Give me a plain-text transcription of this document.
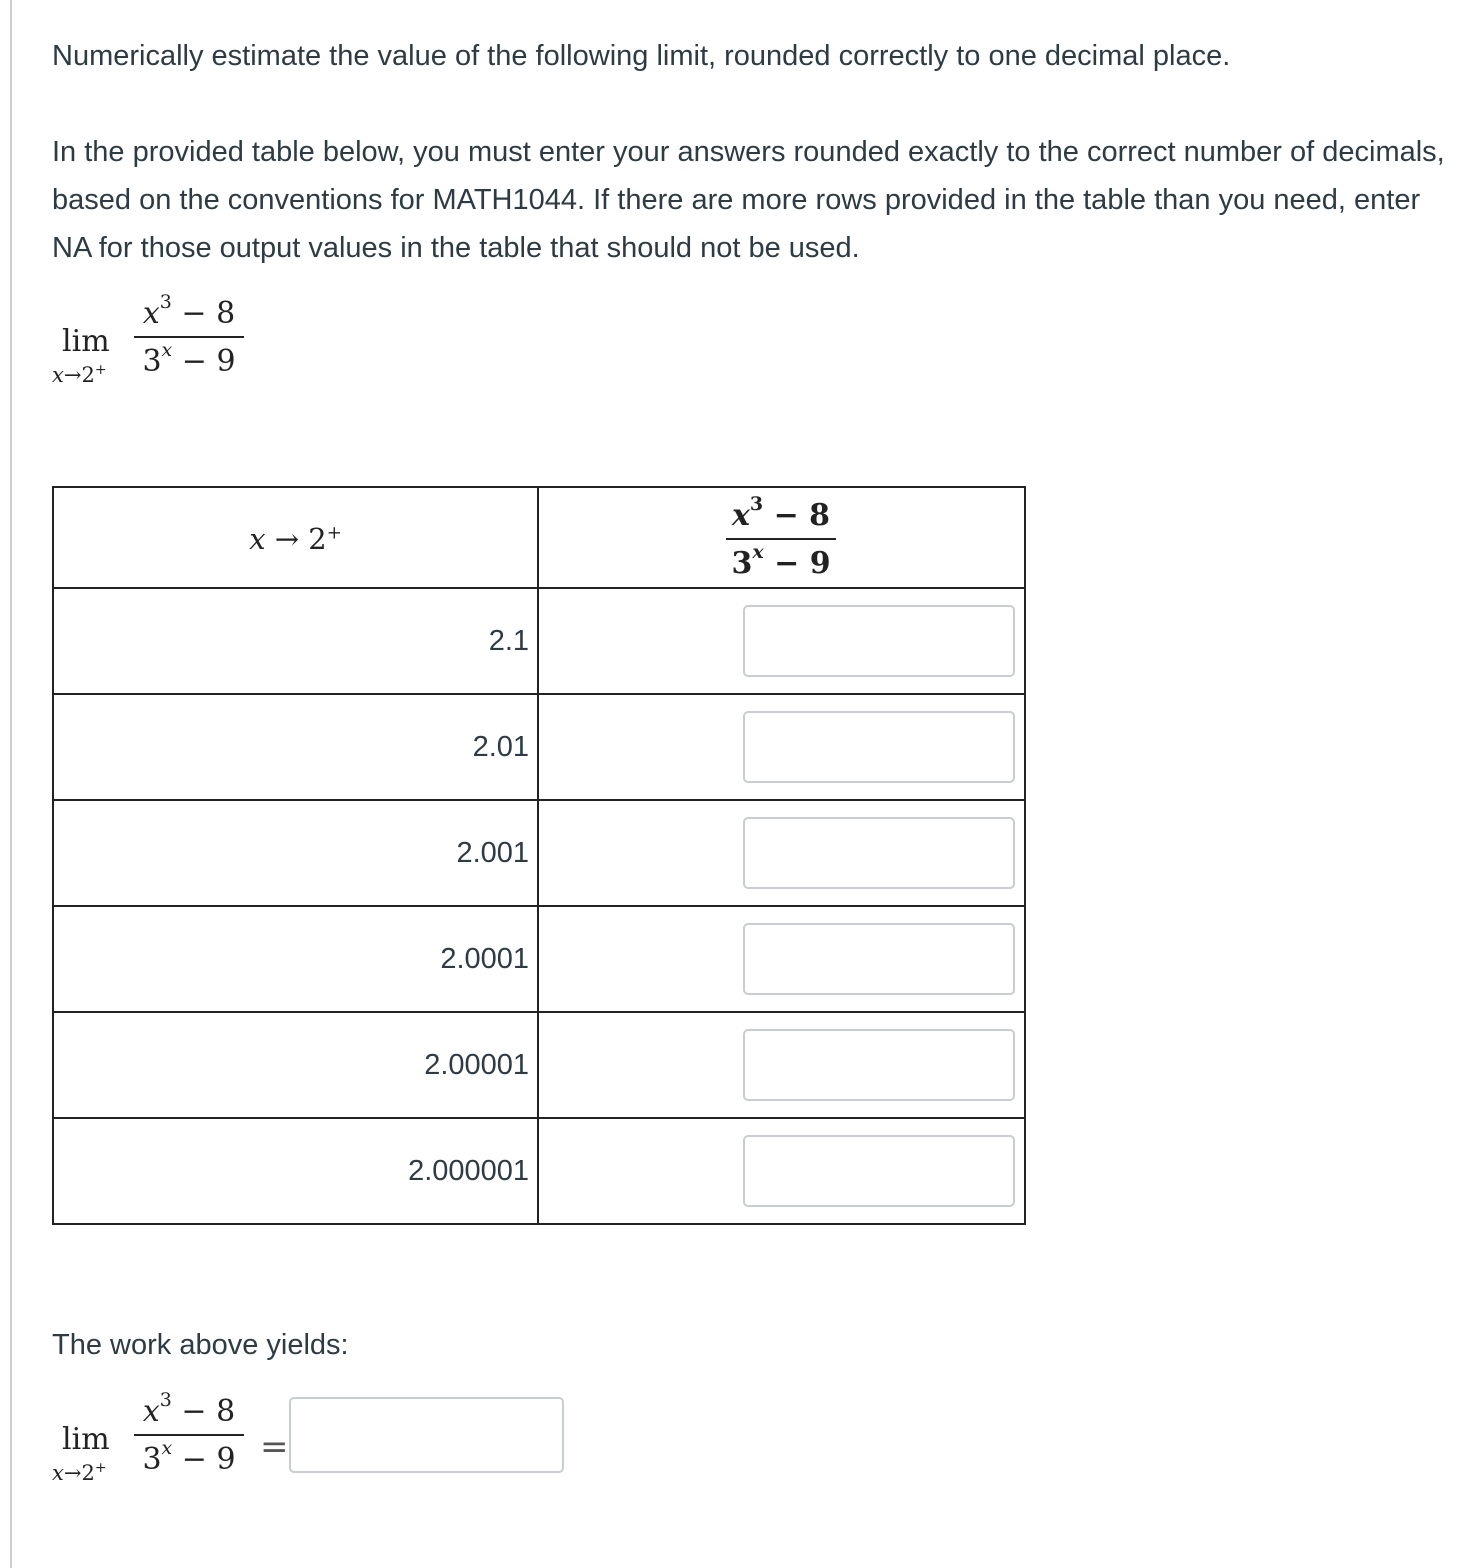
Numerically estimate the value of the following limit, rounded correctly to one decimal place.

In the provided table below, you must enter your answers rounded exactly to the correct number of decimals, based on the conventions for MATH1044. If there are more rows provided in the table than you need, enter NA for those output values in the table that should not be used.

lim
x→2+
$x^3 - 8$
$3^x - 9$
x → 2+	$x^3 - 8$
$3^x - 9$

2.1	

2.01	

2.001	

2.0001	

2.00001	

2.000001	

The work above yields:

lim
x→2+
$x^3 - 8$
$3^x - 9$ =
